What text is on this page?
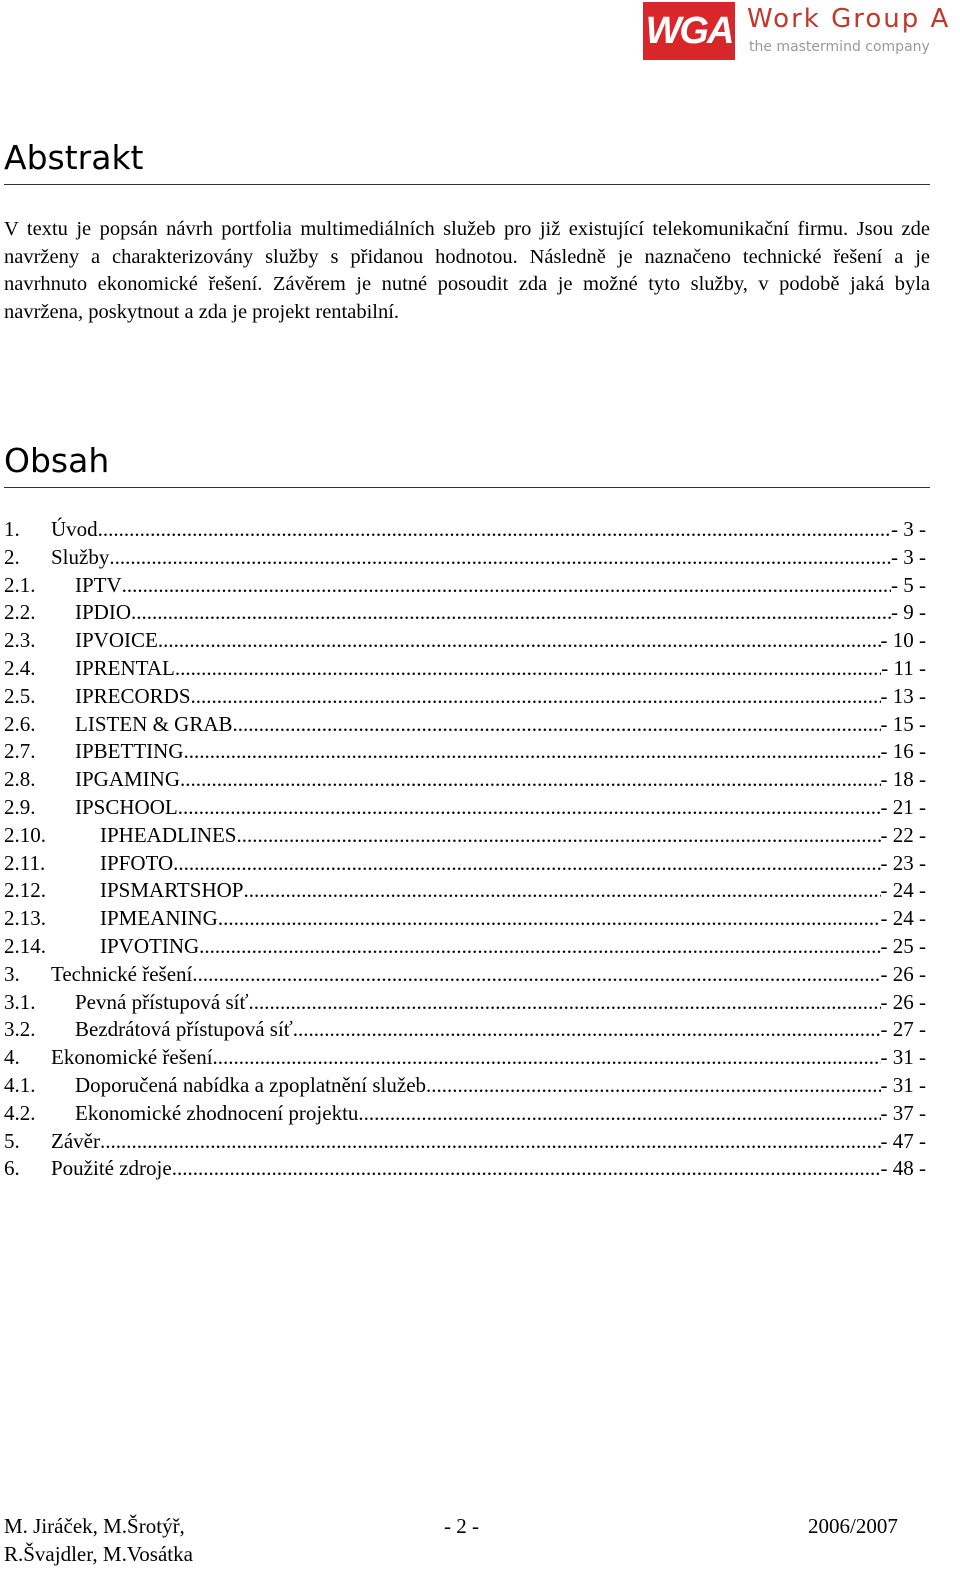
WGA Work Group A
the mastermind company
Abstrakt

V textu je popsán návrh portfolia multimediálních služeb pro již existující telekomunikační firmu. Jsou zde navrženy a charakterizovány služby s přidanou hodnotou. Následně je naznačeno technické řešení a je navrhnuto ekonomické řešení. Závěrem je nutné posoudit zda je možné tyto služby, v podobě jaká byla navržena, poskytnout a zda je projekt rentabilní.

Obsah
1.	Úvod .....	- 3 -
2.	Služby .....	- 3 -
2.1.	IPTV .....	- 5 -
2.2.	IPDIO .....	- 9 -
2.3.	IPVOICE .....	- 10 -
2.4.	IPRENTAL .....	- 11 -
2.5.	IPRECORDS .....	- 13 -
2.6.	LISTEN & GRAB .....	- 15 -
2.7.	IPBETTING .....	- 16 -
2.8.	IPGAMING .....	- 18 -
2.9.	IPSCHOOL .....	- 21 -
2.10.	IPHEADLINES .....	- 22 -
2.11.	IPFOTO .....	- 23 -
2.12.	IPSMARTSHOP .....	- 24 -
2.13.	IPMEANING .....	- 24 -
2.14.	IPVOTING .....	- 25 -
3.	Technické řešení .....	- 26 -
3.1.	Pevná přístupová síť .....	- 26 -
3.2.	Bezdrátová přístupová síť .....	- 27 -
4.	Ekonomické řešení .....	- 31 -
4.1.	Doporučená nabídka a zpoplatnění služeb .....	- 31 -
4.2.	Ekonomické zhodnocení projektu .....	- 37 -
5.	Závěr .....	- 47 -
6.	Použité zdroje .....	- 48 -
M. Jiráček, M.Šrotýř,
R.Švajdler, M.Vosátka
- 2 -	2006/2007
